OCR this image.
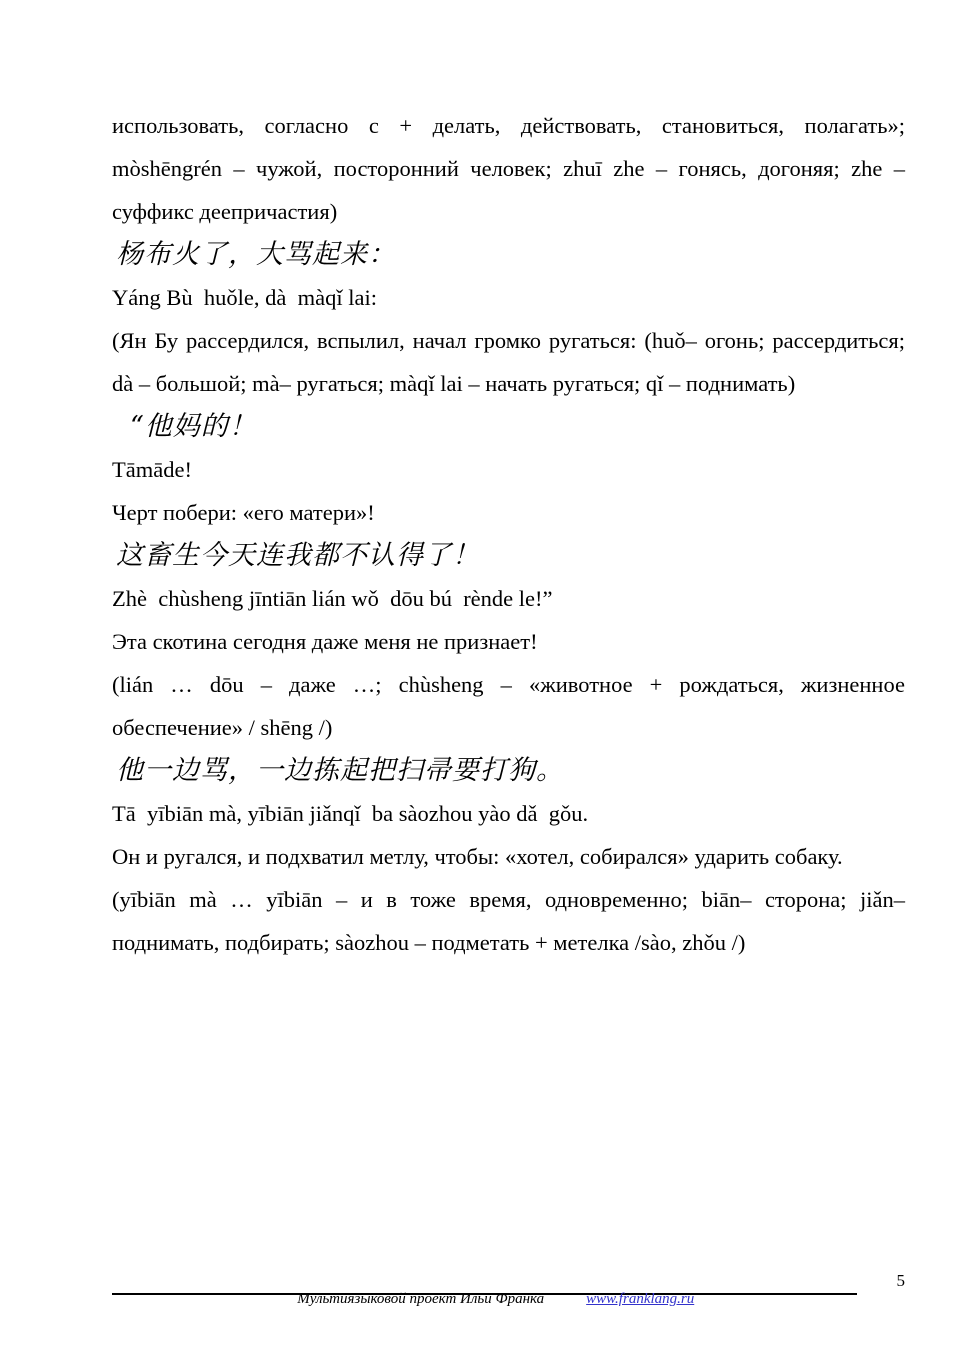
использовать, согласно с + делать, действовать, становиться, полагать»; mòshēngrén – чужой, посторонний человек; zhuī zhe – гонясь, догоняя; zhe – суффикс деепричастия)

杨布火了，大骂起来：

Yáng Bù  huǒle, dà  màqǐ lai:

(Ян Бу рассердился, вспылил, начал громко ругаться: (huǒ– огонь; рассердиться; dà – большой; mà– ругаться; màqǐ lai – начать ругаться; qǐ – поднимать)

“他妈的！

Tāmāde!

Черт побери: «его матери»!

这畜生今天连我都不认得了！

Zhè  chùsheng jīntiān lián wǒ  dōu bú  rènde le!”

Эта скотина сегодня даже меня не признает!

(lián … dōu – даже …; chùsheng – «животное + рождаться, жизненное обеспечение» / shēng /)

他一边骂，一边拣起把扫帚要打狗。

Tā  yībiān mà, yībiān jiǎnqǐ  ba sàozhou yào dǎ  gǒu.

Он и ругался, и подхватил метлу, чтобы: «хотел, собирался» ударить собаку.

(yībiān mà … yībiān – и в тоже время, одновременно; biān– сторона; jiǎn– поднимать, подбирать; sàozhou – подметать + метелка /sào, zhǒu /)

Мультиязыковой проект Ильи Франка	www.franklang.ru

5
